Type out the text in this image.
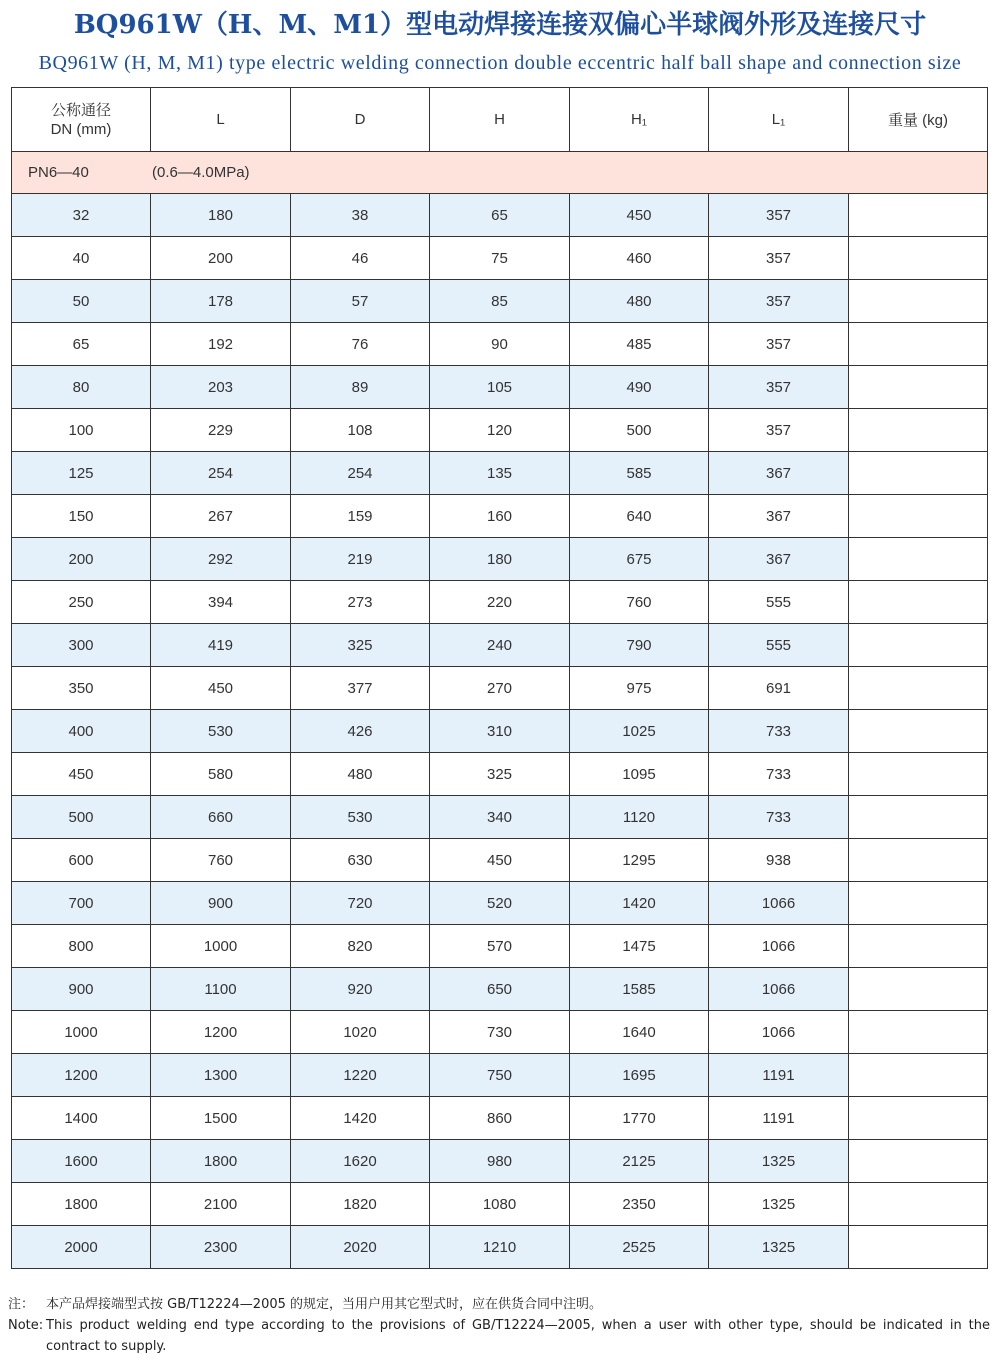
BQ961W（H、M、M1）型电动焊接连接双偏心半球阀外形及连接尺寸
BQ961W (H, M, M1) type electric welding connection double eccentric half ball shape and connection size
公称通径
DN (mm)	L	D	H	H₁	L₁	重量 (kg)
PN6—40 (0.6—4.0MPa)						
32	180	38	65	450	357	
40	200	46	75	460	357	
50	178	57	85	480	357	
65	192	76	90	485	357	
80	203	89	105	490	357	
100	229	108	120	500	357	
125	254	254	135	585	367	
150	267	159	160	640	367	
200	292	219	180	675	367	
250	394	273	220	760	555	
300	419	325	240	790	555	
350	450	377	270	975	691	
400	530	426	310	1025	733	
450	580	480	325	1095	733	
500	660	530	340	1120	733	
600	760	630	450	1295	938	
700	900	720	520	1420	1066	
800	1000	820	570	1475	1066	
900	1100	920	650	1585	1066	
1000	1200	1020	730	1640	1066	
1200	1300	1220	750	1695	1191	
1400	1500	1420	860	1770	1191	
1600	1800	1620	980	2125	1325	
1800	2100	1820	1080	2350	1325	
2000	2300	2020	1210	2525	1325	
注： 本产品焊接端型式按 GB/T12224—2005 的规定，当用户用其它型式时，应在供货合同中注明。
Note: This product welding end type according to the provisions of GB/T12224—2005, when a user with other type, should be indicated in the contract to supply.
